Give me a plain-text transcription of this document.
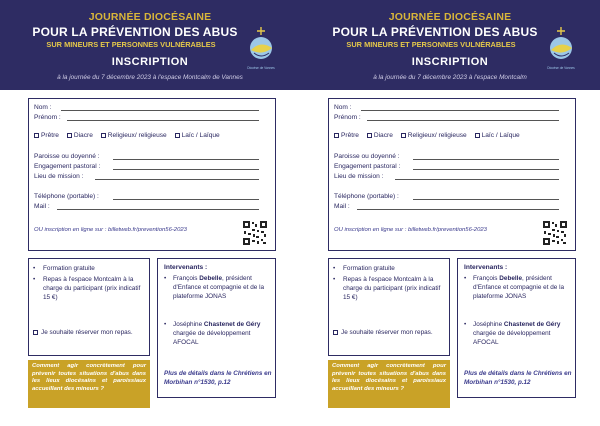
JOURNÉE DIOCÉSAINE
POUR LA PRÉVENTION DES ABUS
SUR MINEURS ET PERSONNES VULNÉRABLES
INSCRIPTION
à la journée du 7 décembre 2023 à l'espace Montcalm de Vannes
Diocèse de Vannes
Nom :
Prénom :
Prêtre Diacre Religieux/ religieuse Laïc / Laïque
Paroisse ou doyenné :
Engagement pastoral :
Lieu de mission :
Téléphone (portable) :
Mail :
OU inscription en ligne sur : billetweb.fr/prevention56-2023
• Formation gratuite
• Repas à l'espace Montcalm à la charge du participant (prix indicatif 15 €)
Je souhaite réserver mon repas.
Intervenants :
• François Debelle, président d'Enfance et compagnie et de la plateforme JONAS
• Joséphine Chastenet de Géry chargée de développement AFOCAL
Plus de détails dans le Chrétiens en Morbihan n°1530, p.12
Comment agir concrètement pour prévenir toutes situations d'abus dans les lieux diocésains et paroissiaux accueillant des mineurs ?
JOURNÉE DIOCÉSAINE
POUR LA PRÉVENTION DES ABUS
SUR MINEURS ET PERSONNES VULNÉRABLES
INSCRIPTION
à la journée du 7 décembre 2023 à l'espace Montcalm
Diocèse de Vannes
Nom :
Prénom :
Prêtre Diacre Religieux/ religieuse Laïc / Laïque
Paroisse ou doyenné :
Engagement pastoral :
Lieu de mission :
Téléphone (portable) :
Mail :
OU inscription en ligne sur : billetweb.fr/prevention56-2023
• Formation gratuite
• Repas à l'espace Montcalm à la charge du participant (prix indicatif 15 €)
Je souhaite réserver mon repas.
Intervenants :
• François Debelle, président d'Enfance et compagnie et de la plateforme JONAS
• Joséphine Chastenet de Géry chargée de développement AFOCAL
Plus de détails dans le Chrétiens en Morbihan n°1530, p.12
Comment agir concrètement pour prévenir toutes situations d'abus dans les lieux diocésains et paroissiaux accueillant des mineurs ?
